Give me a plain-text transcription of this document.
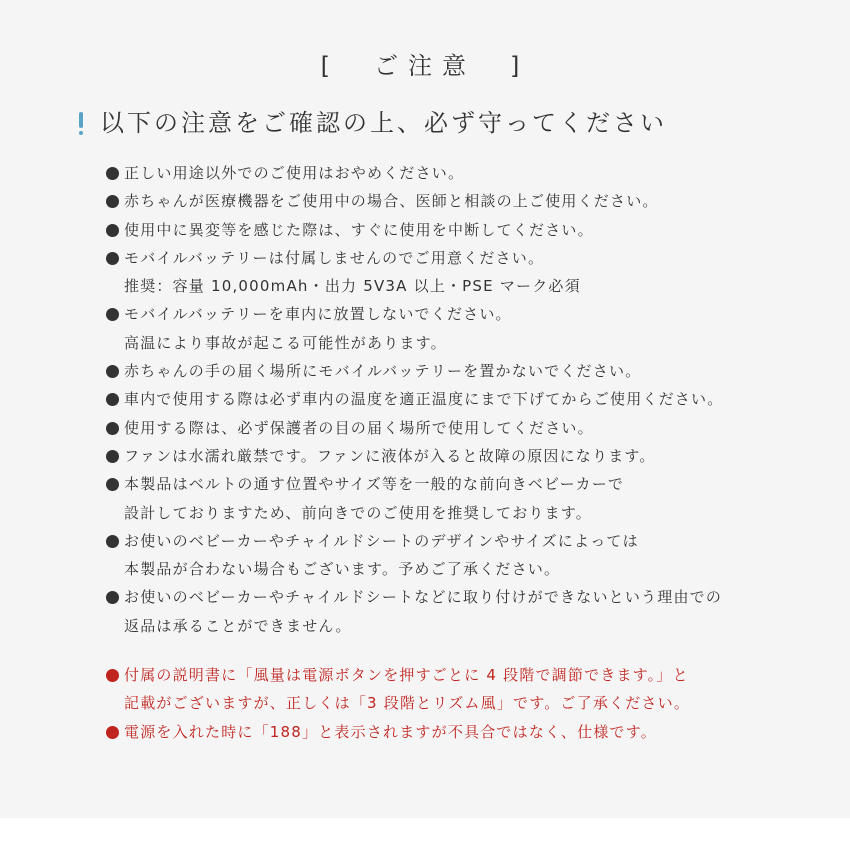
[　ご注意　]
以下の注意をご確認の上、必ず守ってください
正しい用途以外でのご使用はおやめください。
赤ちゃんが医療機器をご使用中の場合、医師と相談の上ご使用ください。
使用中に異変等を感じた際は、すぐに使用を中断してください。
モバイルバッテリーは付属しませんのでご用意ください。
推奨：容量 10,000mAh・出力 5V3A 以上・PSE マーク必須
モバイルバッテリーを車内に放置しないでください。
高温により事故が起こる可能性があります。
赤ちゃんの手の届く場所にモバイルバッテリーを置かないでください。
車内で使用する際は必ず車内の温度を適正温度にまで下げてからご使用ください。
使用する際は、必ず保護者の目の届く場所で使用してください。
ファンは水濡れ厳禁です。ファンに液体が入ると故障の原因になります。
本製品はベルトの通す位置やサイズ等を一般的な前向きベビーカーで
設計しておりますため、前向きでのご使用を推奨しております。
お使いのベビーカーやチャイルドシートのデザインやサイズによっては
本製品が合わない場合もございます。予めご了承ください。
お使いのベビーカーやチャイルドシートなどに取り付けができないという理由での
返品は承ることができません。
付属の説明書に「風量は電源ボタンを押すごとに 4 段階で調節できます。」と
記載がございますが、正しくは「3 段階とリズム風」です。ご了承ください。
電源を入れた時に「188」と表示されますが不具合ではなく、仕様です。
